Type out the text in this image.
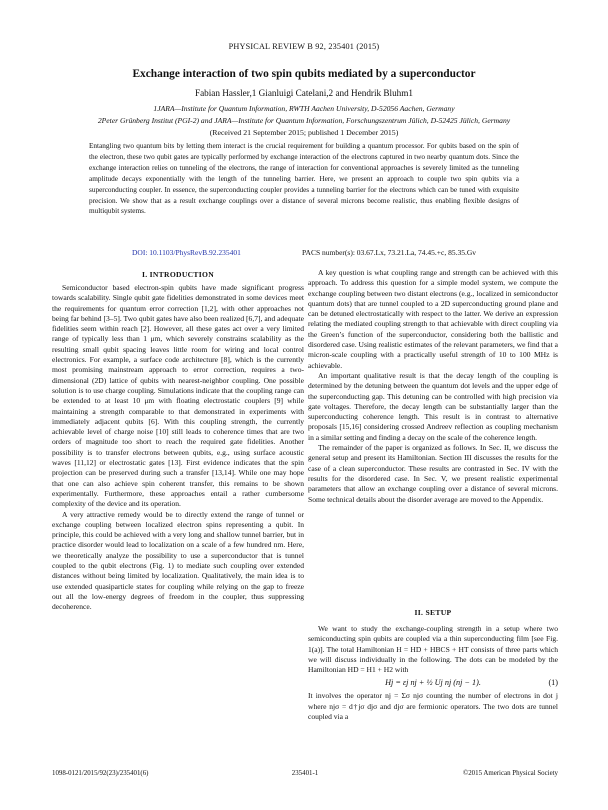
PHYSICAL REVIEW B 92, 235401 (2015)
Exchange interaction of two spin qubits mediated by a superconductor
Fabian Hassler,1 Gianluigi Catelani,2 and Hendrik Bluhm1
1JARA—Institute for Quantum Information, RWTH Aachen University, D-52056 Aachen, Germany
2Peter Grünberg Institut (PGI-2) and JARA—Institute for Quantum Information, Forschungszentrum Jülich, D-52425 Jülich, Germany
(Received 21 September 2015; published 1 December 2015)
Entangling two quantum bits by letting them interact is the crucial requirement for building a quantum processor. For qubits based on the spin of the electron, these two qubit gates are typically performed by exchange interaction of the electrons captured in two nearby quantum dots. Since the exchange interaction relies on tunneling of the electrons, the range of interaction for conventional approaches is severely limited as the tunneling amplitude decays exponentially with the length of the tunneling barrier. Here, we present an approach to couple two spin qubits via a superconducting coupler. In essence, the superconducting coupler provides a tunneling barrier for the electrons which can be tuned with exquisite precision. We show that as a result exchange couplings over a distance of several microns become realistic, thus enabling flexible designs of multiqubit systems.
DOI: 10.1103/PhysRevB.92.235401	PACS number(s): 03.67.Lx, 73.21.La, 74.45.+c, 85.35.Gv
I. INTRODUCTION

Semiconductor based electron-spin qubits have made significant progress towards scalability. Single qubit gate fidelities demonstrated in some devices meet the requirements for quantum error correction [1,2], with other approaches not being far behind [3–5]. Two qubit gates have also been realized [6,7], and adequate fidelities seem within reach [2]. However, all these gates act over a very limited range of typically less than 1 μm, which severely constrains scalability as the resulting small qubit spacing leaves little room for wiring and local control electronics. For example, a surface code architecture [8], which is the currently most promising mainstream approach to error correction, requires a two-dimensional (2D) lattice of qubits with nearest-neighbor coupling. One possible solution is to use charge coupling. Simulations indicate that the coupling range can be extended to at least 10 μm with floating electrostatic couplers [9] while maintaining a strength comparable to that demonstrated in experiments with immediately adjacent qubits [6]. With this coupling strength, the currently achievable level of charge noise [10] still leads to coherence times that are two orders of magnitude too short to reach the required gate fidelities. Another possibility is to transfer electrons between qubits, e.g., using surface acoustic waves [11,12] or electrostatic gates [13]. First evidence indicates that the spin projection can be preserved during such a transfer [13,14]. While one may hope that one can also achieve spin coherent transfer, this remains to be shown experimentally. Furthermore, these approaches entail a rather cumbersome complexity of the device and its operation.

A very attractive remedy would be to directly extend the range of tunnel or exchange coupling between localized electron spins representing a qubit. In principle, this could be achieved with a very long and shallow tunnel barrier, but in practice disorder would lead to localization on a scale of a few hundred nm. Here, we theoretically analyze the possibility to use a superconductor that is tunnel coupled to the qubit electrons (Fig. 1) to mediate such coupling over extended distances without being limited by localization. Qualitatively, the main idea is to use extended quasiparticle states for coupling while relying on the gap to freeze out all the low-energy degrees of freedom in the coupler, thus suppressing decoherence.

A key question is what coupling range and strength can be achieved with this approach. To address this question for a simple model system, we compute the exchange coupling between two distant electrons (e.g., localized in semiconductor quantum dots) that are tunnel coupled to a 2D superconducting ground plane and can be detuned electrostatically with respect to the latter. We derive an expression relating the mediated coupling strength to that achievable with direct coupling via the Green’s function of the superconductor, considering both the ballistic and disordered case. Using realistic estimates of the relevant parameters, we find that a micron-scale coupling with a practically useful strength of 10 to 100 MHz is achievable.

An important qualitative result is that the decay length of the coupling is determined by the detuning between the quantum dot levels and the upper edge of the superconducting gap. This detuning can be controlled with high precision via gate voltages. Therefore, the decay length can be substantially larger than the superconducting coherence length. This result is in contrast to alternative proposals [15,16] considering crossed Andreev reflection as coupling mechanism in a similar setting and finding a decay on the scale of the coherence length.

The remainder of the paper is organized as follows. In Sec. II, we discuss the general setup and present its Hamiltonian. Section III discusses the results for the case of a clean superconductor. These results are contrasted in Sec. IV with the results for the disordered case. In Sec. V, we present realistic experimental parameters that allow an exchange coupling over a distance of several microns. Some technical details about the disorder average are moved to the Appendix.

II. SETUP

We want to study the exchange-coupling strength in a setup where two semiconducting spin qubits are coupled via a thin superconducting film [see Fig. 1(a)]. The total Hamiltonian H = HD + HBCS + HT consists of three parts which we will discuss individually in the following. The dots can be modeled by the Hamiltonian HD = H1 + H2 with

Hj = εj nj + ½ Uj nj (nj − 1).	(1)

It involves the operator nj = Σσ njσ counting the number of electrons in dot j where njσ = d†jσ djσ and djσ are fermionic operators. The two dots are tunnel coupled via a

1098-0121/2015/92(23)/235401(6)	235401-1	©2015 American Physical Society
